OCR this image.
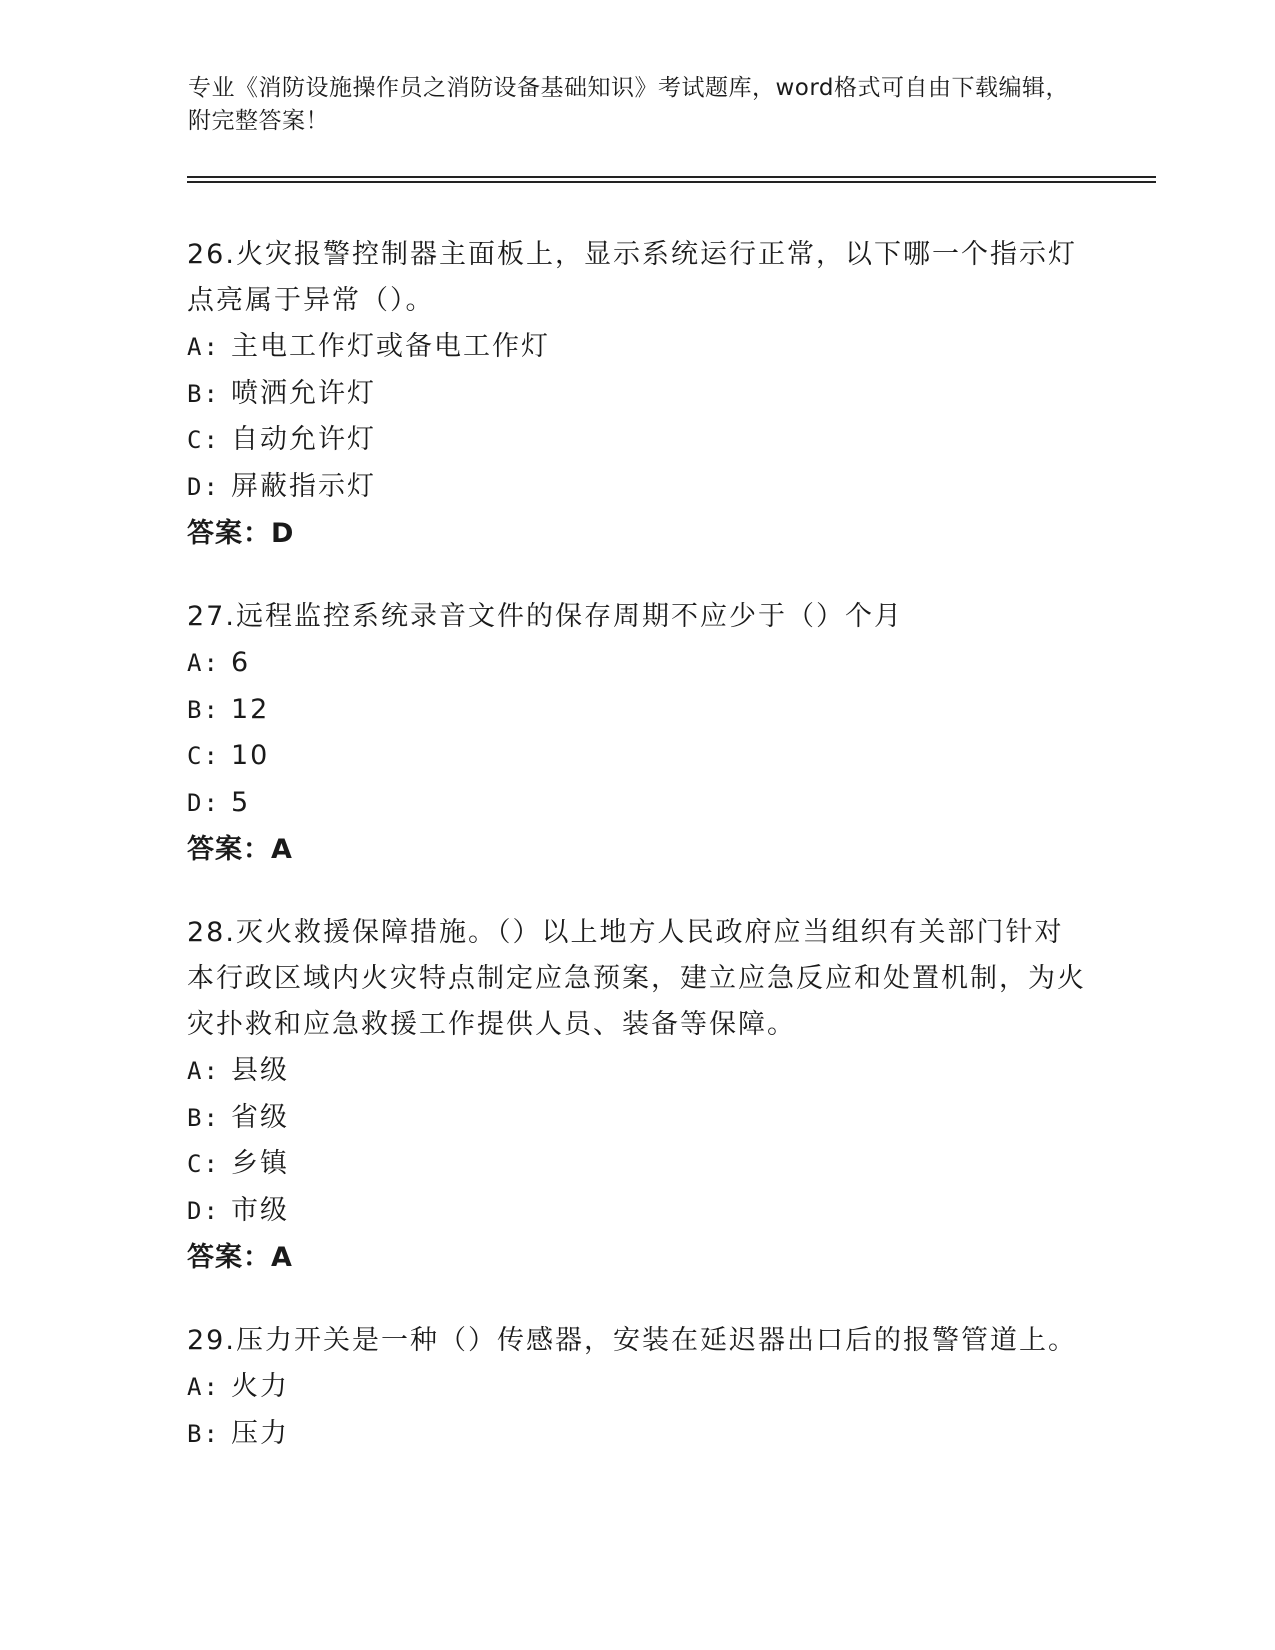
专业《消防设施操作员之消防设备基础知识》考试题库，word格式可自由下载编辑，附完整答案！
26.火灾报警控制器主面板上，显示系统运行正常，以下哪一个指示灯点亮属于异常（）。
A: 主电工作灯或备电工作灯
B: 喷洒允许灯
C: 自动允许灯
D: 屏蔽指示灯
答案：D
27.远程监控系统录音文件的保存周期不应少于（）个月
A: 6
B: 12
C: 10
D: 5
答案：A
28.灭火救援保障措施。（）以上地方人民政府应当组织有关部门针对本行政区域内火灾特点制定应急预案，建立应急反应和处置机制，为火灾扑救和应急救援工作提供人员、装备等保障。
A: 县级
B: 省级
C: 乡镇
D: 市级
答案：A
29.压力开关是一种（）传感器，安装在延迟器出口后的报警管道上。
A: 火力
B: 压力
